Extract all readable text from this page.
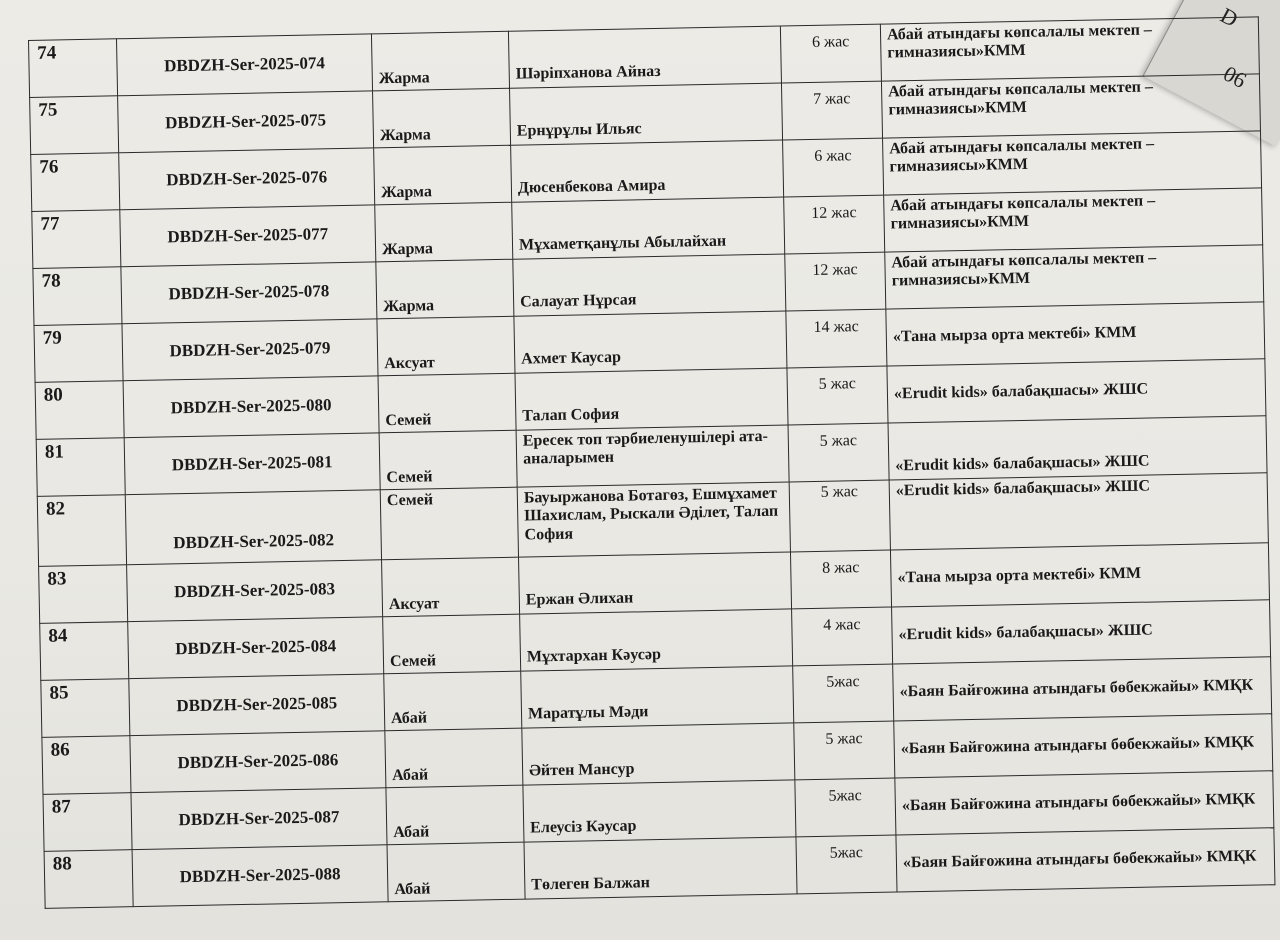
D
06
74	DBDZH-Ser-2025-074	Жарма	Шәріпханова Айназ	6 жас	Абай атындағы көпсалалы мектеп – гимназиясы»КММ
75	DBDZH-Ser-2025-075	Жарма	Ернұрұлы Ильяс	7 жас	Абай атындағы көпсалалы мектеп – гимназиясы»КММ
76	DBDZH-Ser-2025-076	Жарма	Дюсенбекова Амира	6 жас	Абай атындағы көпсалалы мектеп – гимназиясы»КММ
77	DBDZH-Ser-2025-077	Жарма	Мұхаметқанұлы Абылайхан	12 жас	Абай атындағы көпсалалы мектеп – гимназиясы»КММ
78	DBDZH-Ser-2025-078	Жарма	Салауат Нұрсая	12 жас	Абай атындағы көпсалалы мектеп – гимназиясы»КММ
79	DBDZH-Ser-2025-079	Аксуат	Ахмет Каусар	14 жас	«Тана мырза орта мектебі» КММ
80	DBDZH-Ser-2025-080	Семей	Талап София	5 жас	«Erudit kids» балабақшасы» ЖШС
81	DBDZH-Ser-2025-081	Семей	Ересек топ тәрбиеленушілері ата-аналарымен	5 жас	«Erudit kids» балабақшасы» ЖШС
82	DBDZH-Ser-2025-082	Семей	Бауыржанова Ботагөз, Ешмұхамет Шахислам, Рыскали Әділет, Талап София	5 жас	«Erudit kids» балабақшасы» ЖШС
83	DBDZH-Ser-2025-083	Аксуат	Ержан Әлихан	8 жас	«Тана мырза орта мектебі» КММ
84	DBDZH-Ser-2025-084	Семей	Мұхтархан Кәусәр	4 жас	«Erudit kids» балабақшасы» ЖШС
85	DBDZH-Ser-2025-085	Абай	Маратұлы Мәди	5жас	«Баян Байғожина атындағы бөбекжайы» КМҚК
86	DBDZH-Ser-2025-086	Абай	Әйтен Мансур	5 жас	«Баян Байғожина атындағы бөбекжайы» КМҚК
87	DBDZH-Ser-2025-087	Абай	Елеусіз Кәусар	5жас	«Баян Байғожина атындағы бөбекжайы» КМҚК
88	DBDZH-Ser-2025-088	Абай	Төлеген Балжан	5жас	«Баян Байғожина атындағы бөбекжайы» КМҚК
